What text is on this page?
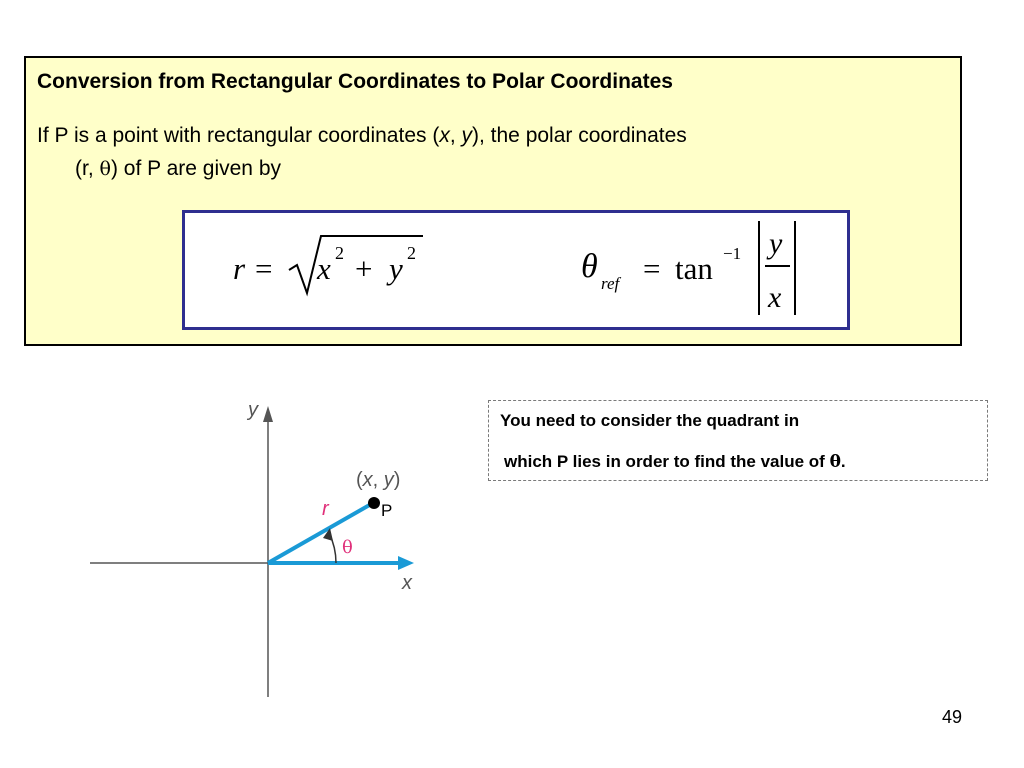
Conversion from Rectangular Coordinates to Polar Coordinates
If P is a point with rectangular coordinates (x, y), the polar coordinates
(r, θ) of P are given by
r = x 2 + y 2	θ ref = tan −1 y
x
y
x
(x, y)
P
r
θ
You need to consider the quadrant in
which P lies in order to find the value of θ.
49
